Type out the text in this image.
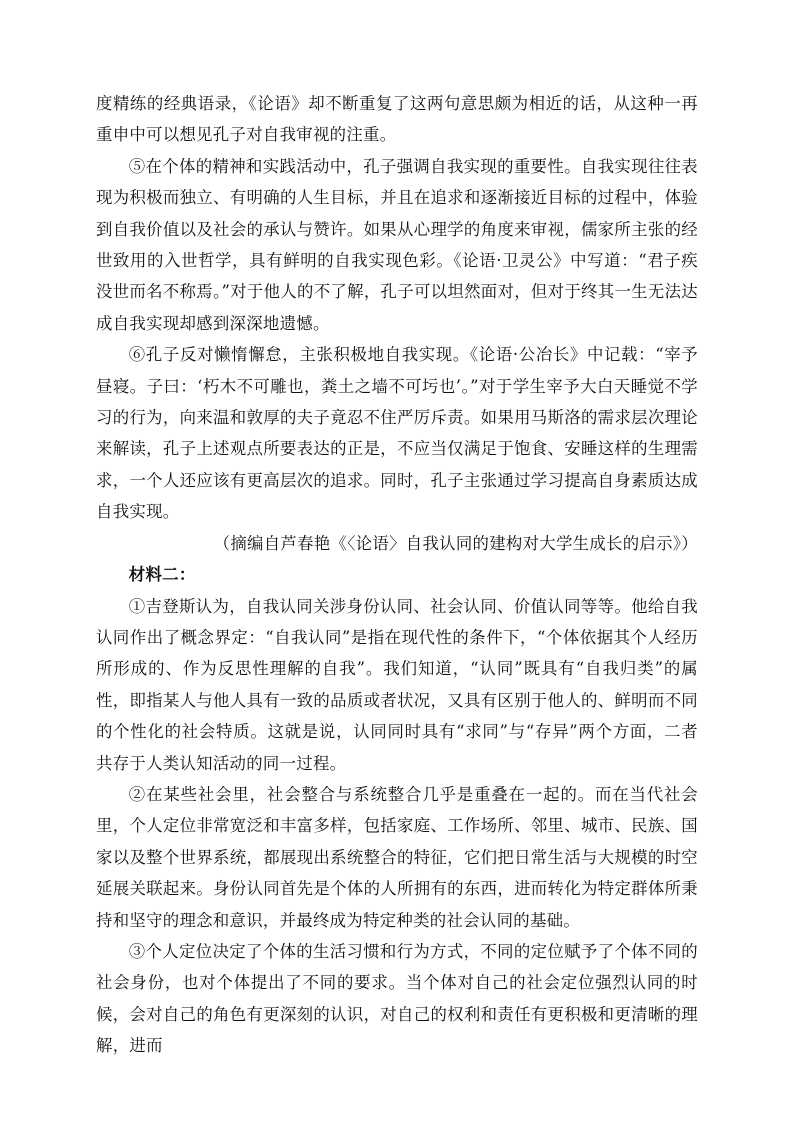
度精练的经典语录，《论语》却不断重复了这两句意思颇为相近的话，从这种一再重申中可以想见孔子对自我审视的注重。

⑤在个体的精神和实践活动中，孔子强调自我实现的重要性。自我实现往往表现为积极而独立、有明确的人生目标，并且在追求和逐渐接近目标的过程中，体验到自我价值以及社会的承认与赞许。如果从心理学的角度来审视，儒家所主张的经世致用的入世哲学，具有鲜明的自我实现色彩。《论语·卫灵公》中写道：“君子疾没世而名不称焉。”对于他人的不了解，孔子可以坦然面对，但对于终其一生无法达成自我实现却感到深深地遗憾。

⑥孔子反对懒惰懈怠，主张积极地自我实现。《论语·公冶长》中记载：“宰予昼寝。子曰：‘朽木不可雕也，粪土之墙不可圬也’。”对于学生宰予大白天睡觉不学习的行为，向来温和敦厚的夫子竟忍不住严厉斥责。如果用马斯洛的需求层次理论来解读，孔子上述观点所要表达的正是，不应当仅满足于饱食、安睡这样的生理需求，一个人还应该有更高层次的追求。同时，孔子主张通过学习提高自身素质达成自我实现。

（摘编自芦春艳《〈论语〉自我认同的建构对大学生成长的启示》）

材料二：

①吉登斯认为，自我认同关涉身份认同、社会认同、价值认同等等。他给自我认同作出了概念界定：“自我认同”是指在现代性的条件下，“个体依据其个人经历所形成的、作为反思性理解的自我”。我们知道，“认同”既具有“自我归类”的属性，即指某人与他人具有一致的品质或者状况，又具有区别于他人的、鲜明而不同的个性化的社会特质。这就是说，认同同时具有“求同”与“存异”两个方面，二者共存于人类认知活动的同一过程。

②在某些社会里，社会整合与系统整合几乎是重叠在一起的。而在当代社会里，个人定位非常宽泛和丰富多样，包括家庭、工作场所、邻里、城市、民族、国家以及整个世界系统，都展现出系统整合的特征，它们把日常生活与大规模的时空延展关联起来。身份认同首先是个体的人所拥有的东西，进而转化为特定群体所秉持和坚守的理念和意识，并最终成为特定种类的社会认同的基础。

③个人定位决定了个体的生活习惯和行为方式，不同的定位赋予了个体不同的社会身份，也对个体提出了不同的要求。当个体对自己的社会定位强烈认同的时候，会对自己的角色有更深刻的认识，对自己的权利和责任有更积极和更清晰的理解，进而
